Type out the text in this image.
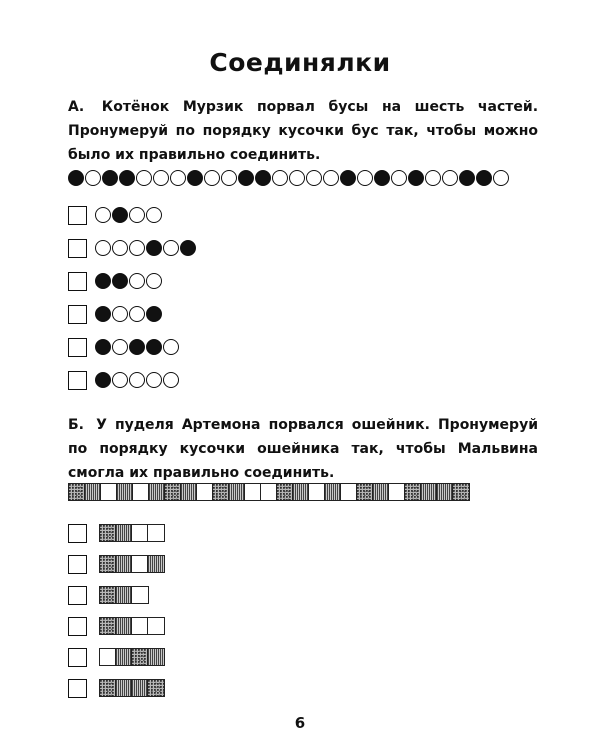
Соединялки
А. Котёнок Мурзик порвал бусы на шесть частей. Пронумеруй по порядку кусочки бус так, чтобы можно было их правильно соединить.
Б. У пуделя Артемона порвался ошейник. Пронумеруй по порядку кусочки ошейника так, чтобы Мальвина смогла их правильно соединить.
6
